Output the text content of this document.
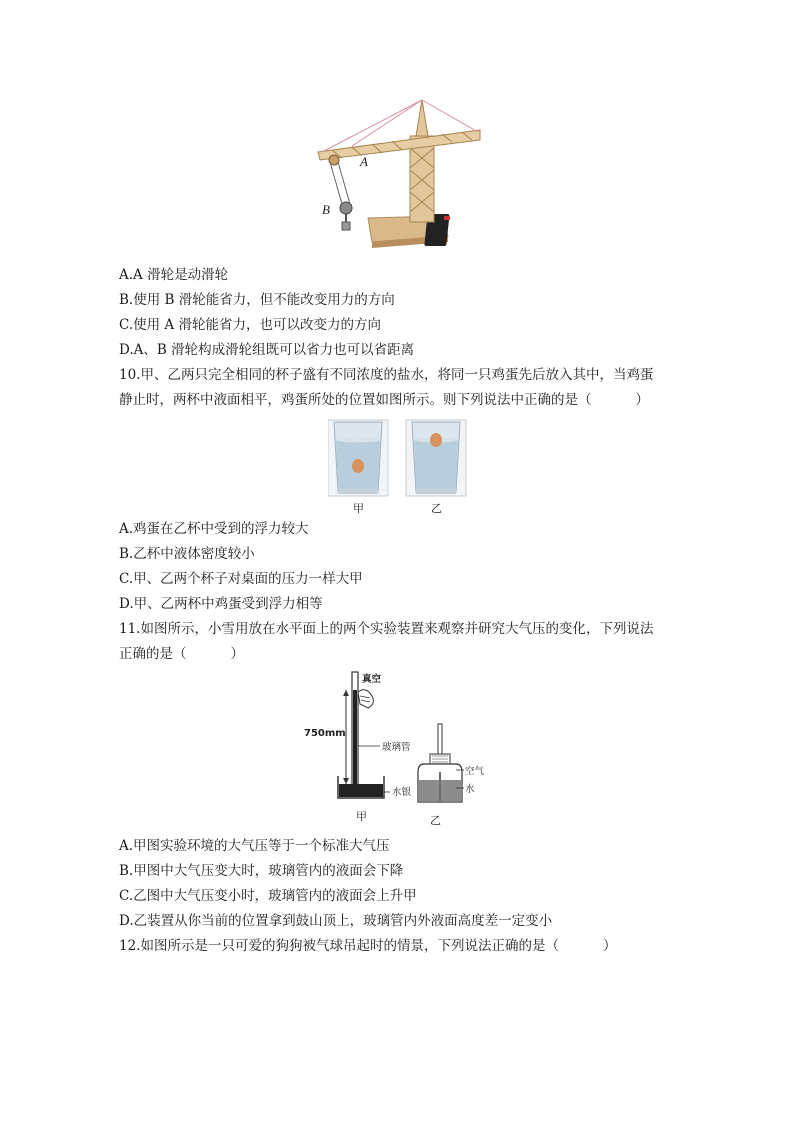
A
B
A.A 滑轮是动滑轮
B.使用 B 滑轮能省力，但不能改变用力的方向
C.使用 A 滑轮能省力，也可以改变力的方向
D.A、B 滑轮构成滑轮组既可以省力也可以省距离
10.甲、乙两只完全相同的杯子盛有不同浓度的盐水，将同一只鸡蛋先后放入其中，当鸡蛋
静止时，两杯中液面相平，鸡蛋所处的位置如图所示。则下列说法中正确的是（	）
甲	乙
A.鸡蛋在乙杯中受到的浮力较大
B.乙杯中液体密度较小
C.甲、乙两个杯子对桌面的压力一样大甲
D.甲、乙两杯中鸡蛋受到浮力相等
11.如图所示，小雪用放在水平面上的两个实验装置来观察并研究大气压的变化，下列说法
正确的是（	）
真空
750mm
玻璃管
水银
空气
水
甲	乙
A.甲图实验环境的大气压等于一个标准大气压
B.甲图中大气压变大时，玻璃管内的液面会下降
C.乙图中大气压变小时，玻璃管内的液面会上升甲
D.乙装置从你当前的位置拿到鼓山顶上，玻璃管内外液面高度差一定变小
12.如图所示是一只可爱的狗狗被气球吊起时的情景，下列说法正确的是（	）
